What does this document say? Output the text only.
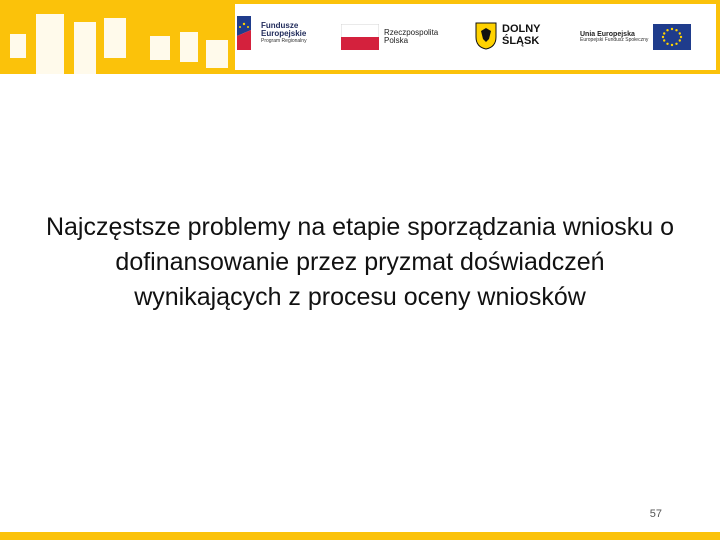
Fundusze
Europejskie
Program Regionalny
Rzeczpospolita
Polska
DOLNY
ŚLĄSK
Unia Europejska
Europejski Fundusz Społeczny
Najczęstsze problemy na etapie sporządzania wniosku o dofinansowanie przez pryzmat doświadczeń wynikających z procesu oceny wniosków
57
